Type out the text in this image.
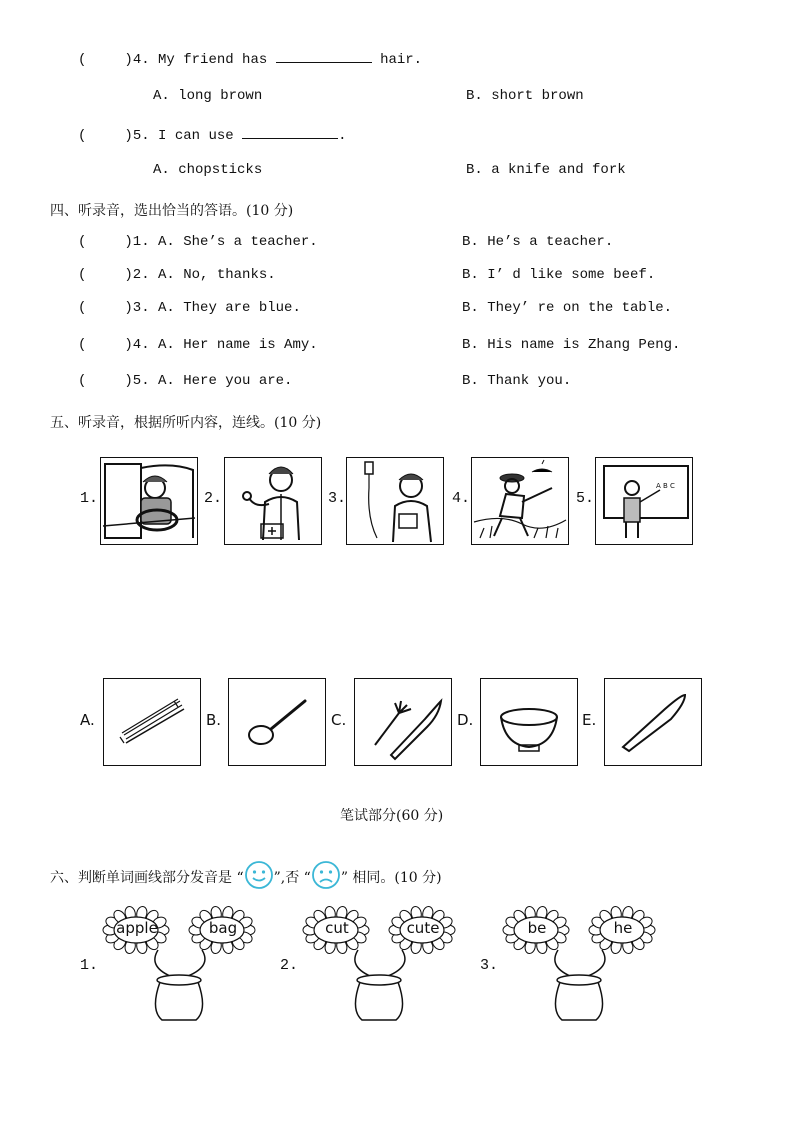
(	)4. My friend has	hair.
A. long brown	B. short brown
(	)5. I can use	.
A. chopsticks	B. a knife and fork
四、听录音，选出恰当的答语。(10 分)
(	)1. A. She’s a teacher.	B. He’s a teacher.
(	)2. A. No, thanks.	B. I’ d like some beef.
(	)3. A. They are blue.	B. They’ re on the table.
(	)4. A. Her name is Amy.	B. His name is Zhang Peng.
(	)5. A. Here you are.	B. Thank you.
五、听录音，根据所听内容，连线。(10 分)
1.	2.	3.	4.	5.
A B C
A.	B.	C.	D.	E.
笔试部分(60 分)
六、判断单词画线部分发音是 “ ”,否 “ ” 相同。(10 分)
1.
apple	bag
2.
cut	cute
3.
be	he
